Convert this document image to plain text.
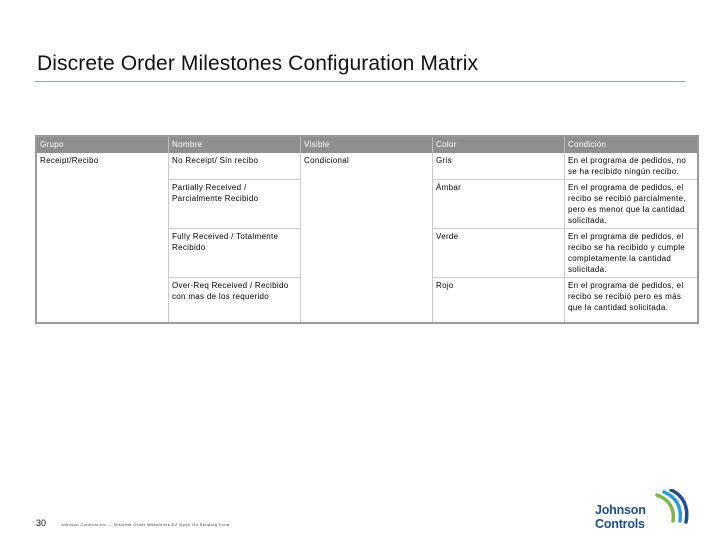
Discrete Order Milestones Configuration Matrix
Grupo	Nombre	Visible	Color	Condición
Receipt/Recibo	No Receipt/ Sin recibo	Condicional	Gris	En el programa de pedidos, no se ha recibido ningún recibo.
	Partially Received / Parcialmente Recibido		Ámbar	En el programa de pedidos, el recibo se recibió parcialmente, pero es menor que la cantidad solicitada.
	Fully Received / Totalmente Recibido		Verde	En el programa de pedidos, el recibo se ha recibido y cumple completamente la cantidad solicitada.
	Over-Req Received / Recibido con mas de los requerido		Rojo	En el programa de pedidos, el recibo se recibió pero es más que la cantidad solicitada.
30	Johnson Controls Inc — Discrete Order Milestones EZ Open On Sending Form
Johnson
Controls
